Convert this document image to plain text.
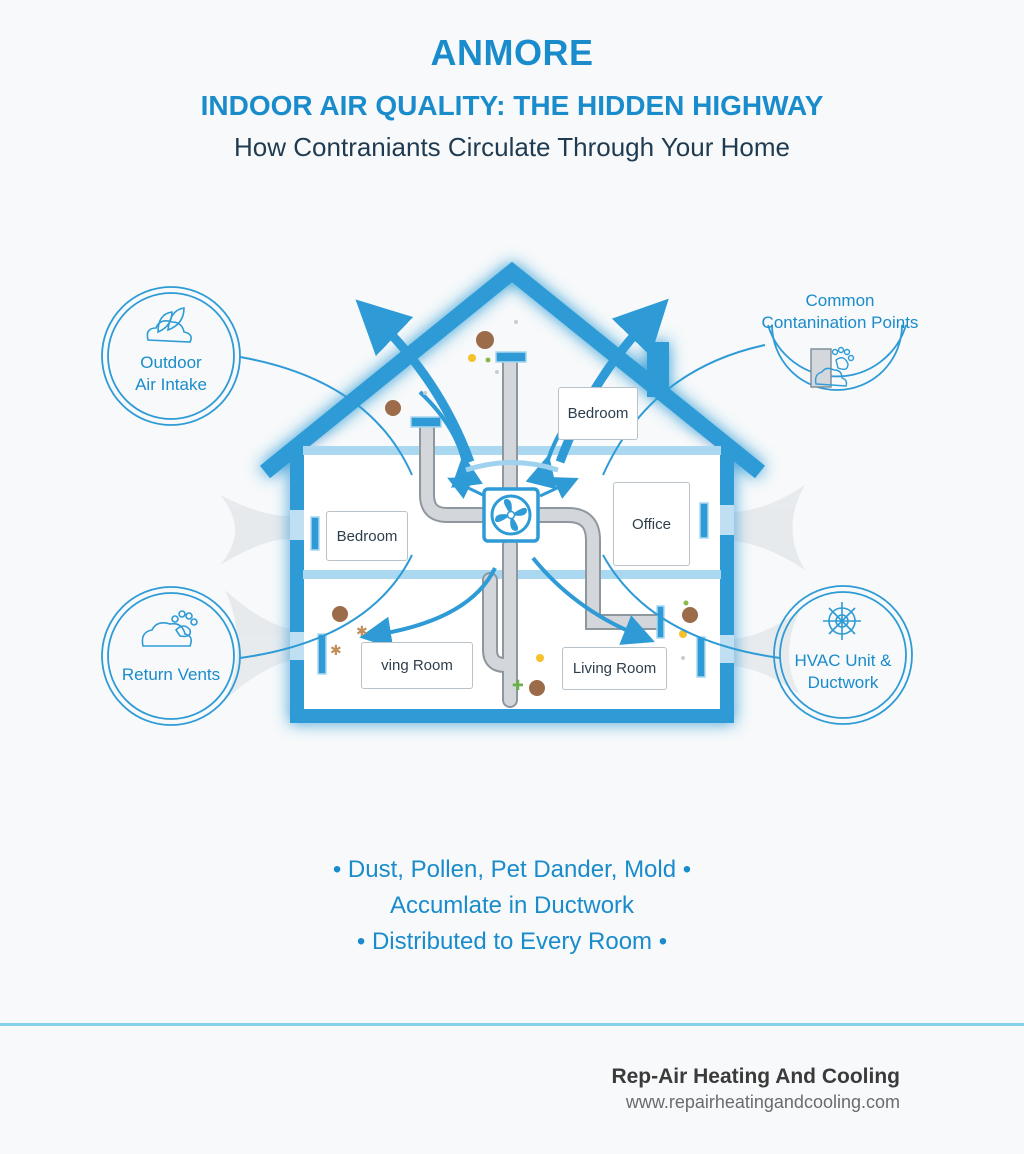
ANMORE
INDOOR AIR QUALITY: THE HIDDEN HIGHWAY
How Contraniants Circulate Through Your Home
✚
✱
✱
Outdoor
Air Intake
Common
Contanination Points
Return Vents
HVAC Unit &
Ductwork
Bedroom
Bedroom
Office
ving Room	Living Room
• Dust, Pollen, Pet Dander, Mold •
Accumlate in Ductwork
• Distributed to Every Room •
Rep-Air Heating And Cooling
www.repairheatingandcooling.com
